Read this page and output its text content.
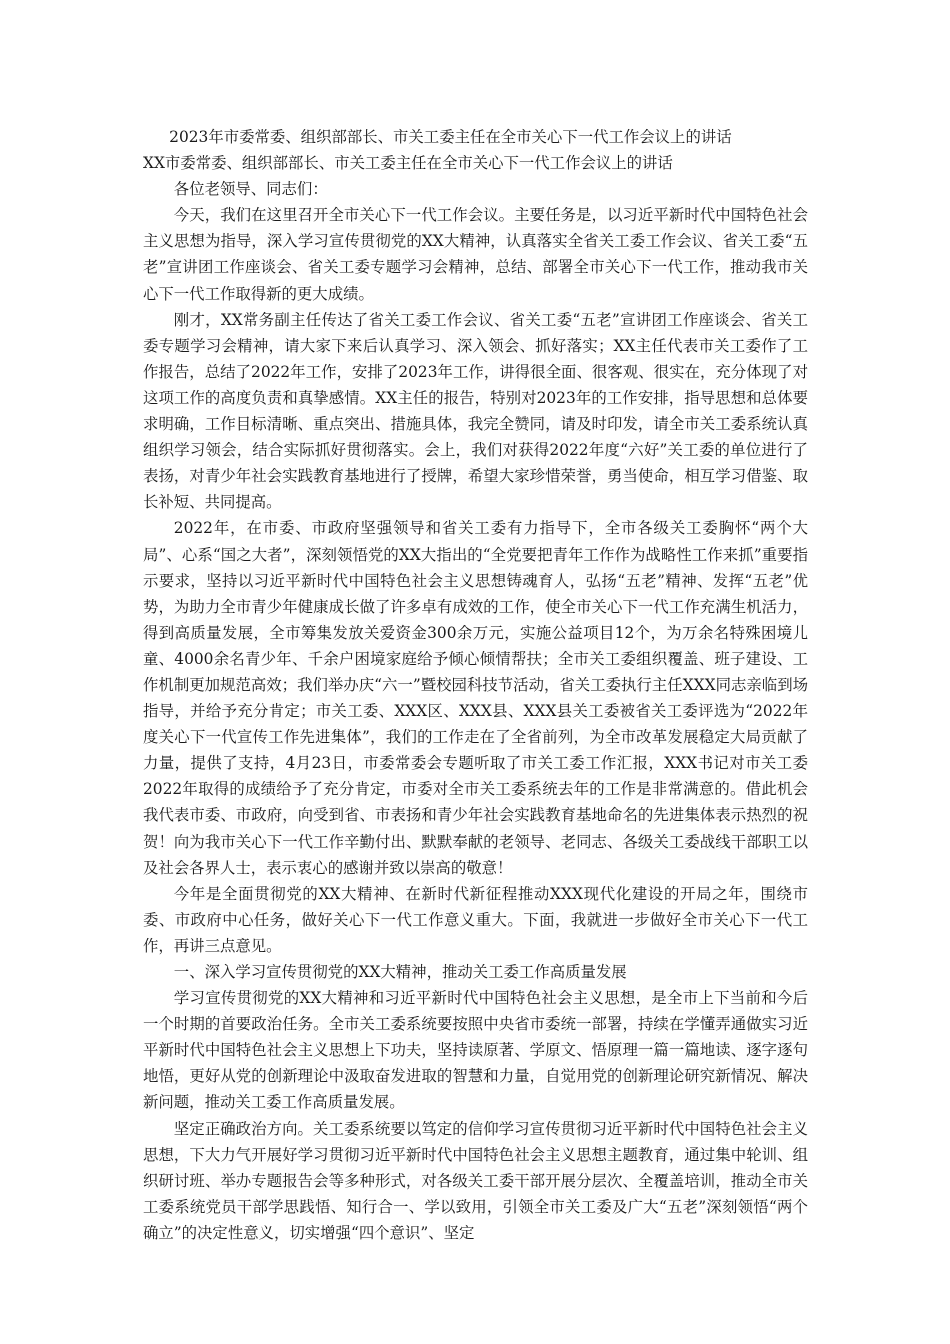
2023年市委常委、组织部部长、市关工委主任在全市关心下一代工作会议上的讲话

XX市委常委、组织部部长、市关工委主任在全市关心下一代工作会议上的讲话

各位老领导、同志们：

今天，我们在这里召开全市关心下一代工作会议。主要任务是，以习近平新时代中国特色社会主义思想为指导，深入学习宣传贯彻党的XX大精神，认真落实全省关工委工作会议、省关工委“五老”宣讲团工作座谈会、省关工委专题学习会精神，总结、部署全市关心下一代工作，推动我市关心下一代工作取得新的更大成绩。

刚才，XX常务副主任传达了省关工委工作会议、省关工委“五老”宣讲团工作座谈会、省关工委专题学习会精神，请大家下来后认真学习、深入领会、抓好落实；XX主任代表市关工委作了工作报告，总结了2022年工作，安排了2023年工作，讲得很全面、很客观、很实在，充分体现了对这项工作的高度负责和真挚感情。XX主任的报告，特别对2023年的工作安排，指导思想和总体要求明确，工作目标清晰、重点突出、措施具体，我完全赞同，请及时印发，请全市关工委系统认真组织学习领会，结合实际抓好贯彻落实。会上，我们对获得2022年度“六好”关工委的单位进行了表扬，对青少年社会实践教育基地进行了授牌，希望大家珍惜荣誉，勇当使命，相互学习借鉴、取长补短、共同提高。

2022年，在市委、市政府坚强领导和省关工委有力指导下，全市各级关工委胸怀“两个大局”、心系“国之大者”，深刻领悟党的XX大指出的“全党要把青年工作作为战略性工作来抓”重要指示要求，坚持以习近平新时代中国特色社会主义思想铸魂育人，弘扬“五老”精神、发挥“五老”优势，为助力全市青少年健康成长做了许多卓有成效的工作，使全市关心下一代工作充满生机活力，得到高质量发展，全市筹集发放关爱资金300余万元，实施公益项目12个，为万余名特殊困境儿童、4000余名青少年、千余户困境家庭给予倾心倾情帮扶；全市关工委组织覆盖、班子建设、工作机制更加规范高效；我们举办庆“六一”暨校园科技节活动，省关工委执行主任XXX同志亲临到场指导，并给予充分肯定；市关工委、XXX区、XXX县、XXX县关工委被省关工委评选为“2022年度关心下一代宣传工作先进集体”，我们的工作走在了全省前列，为全市改革发展稳定大局贡献了力量，提供了支持，4月23日，市委常委会专题听取了市关工委工作汇报，XXX书记对市关工委2022年取得的成绩给予了充分肯定，市委对全市关工委系统去年的工作是非常满意的。借此机会我代表市委、市政府，向受到省、市表扬和青少年社会实践教育基地命名的先进集体表示热烈的祝贺！向为我市关心下一代工作辛勤付出、默默奉献的老领导、老同志、各级关工委战线干部职工以及社会各界人士，表示衷心的感谢并致以崇高的敬意！

今年是全面贯彻党的XX大精神、在新时代新征程推动XXX现代化建设的开局之年，围绕市委、市政府中心任务，做好关心下一代工作意义重大。下面，我就进一步做好全市关心下一代工作，再讲三点意见。

一、深入学习宣传贯彻党的XX大精神，推动关工委工作高质量发展

学习宣传贯彻党的XX大精神和习近平新时代中国特色社会主义思想，是全市上下当前和今后一个时期的首要政治任务。全市关工委系统要按照中央省市委统一部署，持续在学懂弄通做实习近平新时代中国特色社会主义思想上下功夫，坚持读原著、学原文、悟原理一篇一篇地读、逐字逐句地悟，更好从党的创新理论中汲取奋发进取的智慧和力量，自觉用党的创新理论研究新情况、解决新问题，推动关工委工作高质量发展。

坚定正确政治方向。关工委系统要以笃定的信仰学习宣传贯彻习近平新时代中国特色社会主义思想，下大力气开展好学习贯彻习近平新时代中国特色社会主义思想主题教育，通过集中轮训、组织研讨班、举办专题报告会等多种形式，对各级关工委干部开展分层次、全覆盖培训，推动全市关工委系统党员干部学思践悟、知行合一、学以致用，引领全市关工委及广大“五老”深刻领悟“两个确立”的决定性意义，切实增强“四个意识”、坚定
